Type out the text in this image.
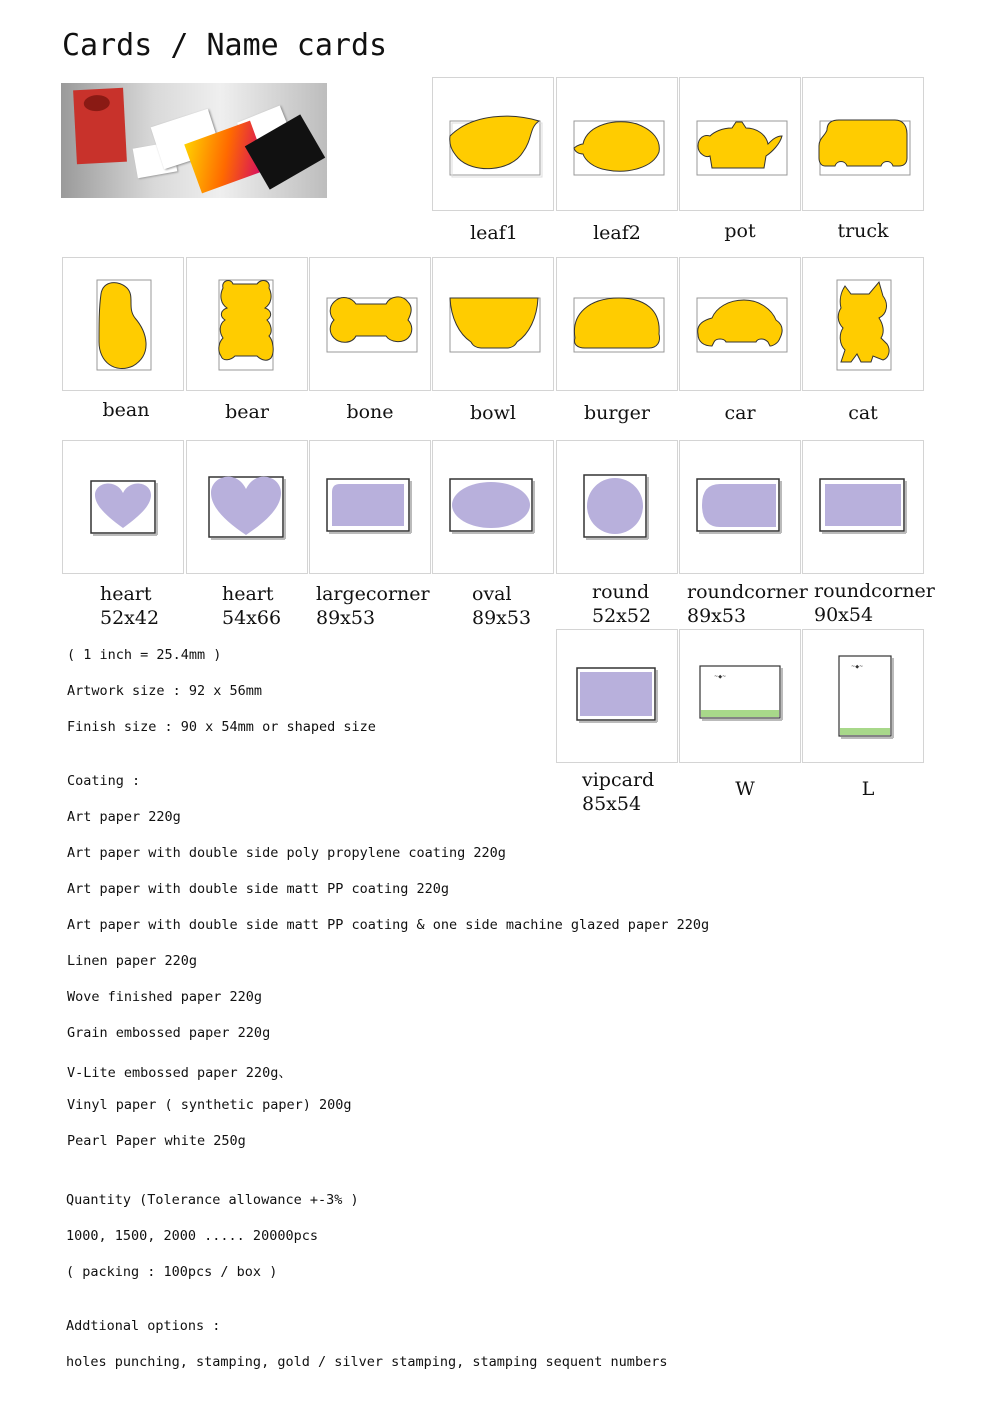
Cards / Name cards
leaf1	leaf2	pot	truck
bean	bear	bone	bowl	burger	car	cat
heart
52x42
heart
54x66
largecorner
89x53
oval
89x53
round
52x52
roundcorner
89x53
roundcorner
90x54
~◆~
~◆~
vipcard
85x54
W	L
( 1 inch = 25.4mm )
Artwork size : 92 x 56mm
Finish size : 90 x 54mm or shaped size
Coating :
Art paper 220g
Art paper with double side poly propylene coating 220g
Art paper with double side matt PP coating 220g
Art paper with double side matt PP coating & one side machine glazed paper 220g
Linen paper 220g
Wove finished paper 220g
Grain embossed paper 220g
V-Lite embossed paper 220g、
Vinyl paper ( synthetic paper) 200g
Pearl Paper white 250g
Quantity (Tolerance allowance +-3% )
1000, 1500, 2000 ..... 20000pcs
( packing : 100pcs / box )
Addtional options :
holes punching, stamping, gold / silver stamping, stamping sequent numbers
